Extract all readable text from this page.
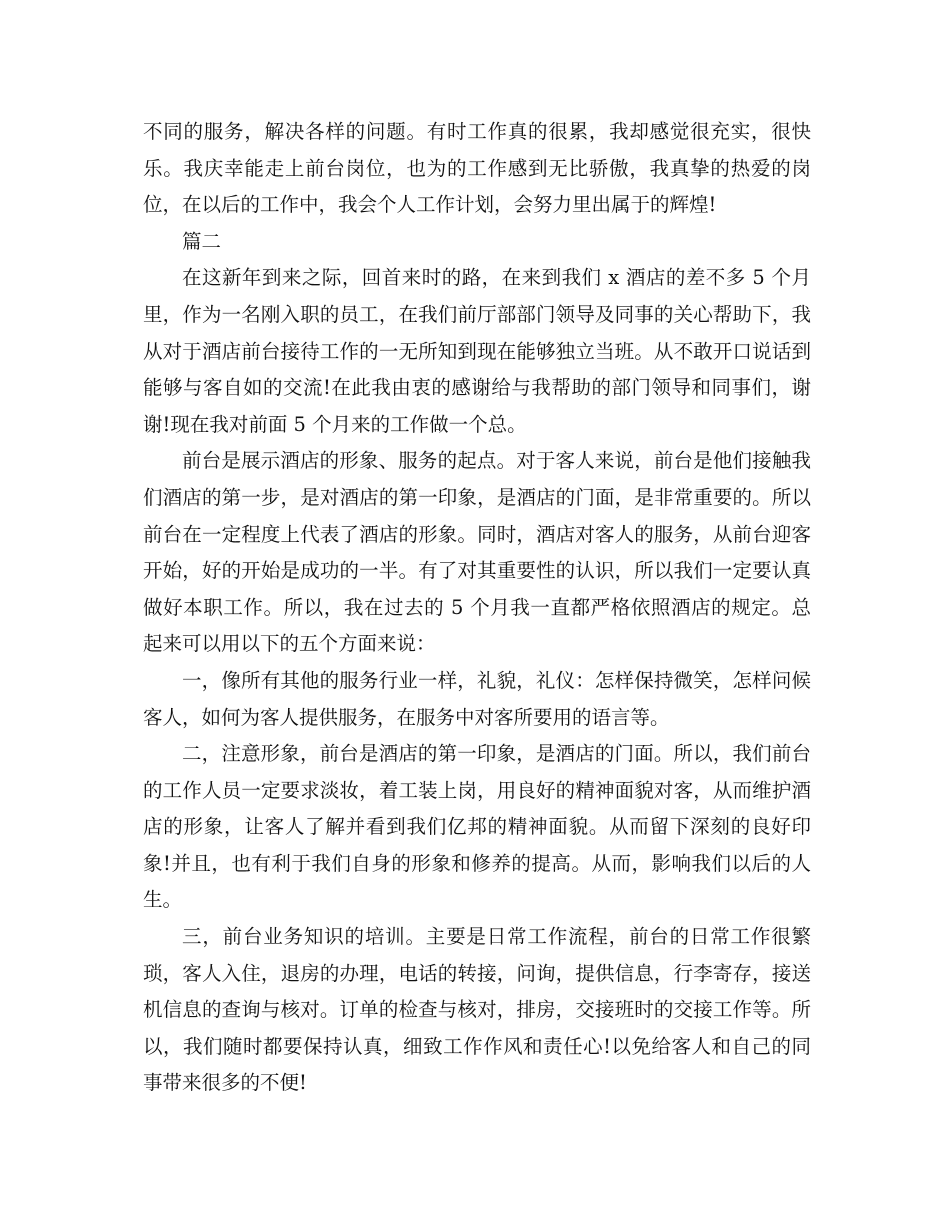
不同的服务，解决各样的问题。有时工作真的很累，我却感觉很充实，很快乐。我庆幸能走上前台岗位，也为的工作感到无比骄傲，我真挚的热爱的岗位，在以后的工作中，我会个人工作计划，会努力里出属于的辉煌!

篇二

在这新年到来之际，回首来时的路，在来到我们 x 酒店的差不多 5 个月里，作为一名刚入职的员工，在我们前厅部部门领导及同事的关心帮助下，我从对于酒店前台接待工作的一无所知到现在能够独立当班。从不敢开口说话到能够与客自如的交流!在此我由衷的感谢给与我帮助的部门领导和同事们，谢谢!现在我对前面 5 个月来的工作做一个总。

前台是展示酒店的形象、服务的起点。对于客人来说，前台是他们接触我们酒店的第一步，是对酒店的第一印象，是酒店的门面，是非常重要的。所以前台在一定程度上代表了酒店的形象。同时，酒店对客人的服务，从前台迎客开始，好的开始是成功的一半。有了对其重要性的认识，所以我们一定要认真做好本职工作。所以，我在过去的 5 个月我一直都严格依照酒店的规定。总起来可以用以下的五个方面来说：

一，像所有其他的服务行业一样，礼貌，礼仪：怎样保持微笑，怎样问候客人，如何为客人提供服务，在服务中对客所要用的语言等。

二，注意形象，前台是酒店的第一印象，是酒店的门面。所以，我们前台的工作人员一定要求淡妆，着工装上岗，用良好的精神面貌对客，从而维护酒店的形象，让客人了解并看到我们亿邦的精神面貌。从而留下深刻的良好印象!并且，也有利于我们自身的形象和修养的提高。从而，影响我们以后的人生。

三，前台业务知识的培训。主要是日常工作流程，前台的日常工作很繁琐，客人入住，退房的办理，电话的转接，问询，提供信息，行李寄存，接送机信息的查询与核对。订单的检查与核对，排房，交接班时的交接工作等。所以，我们随时都要保持认真，细致工作作风和责任心!以免给客人和自己的同事带来很多的不便!
